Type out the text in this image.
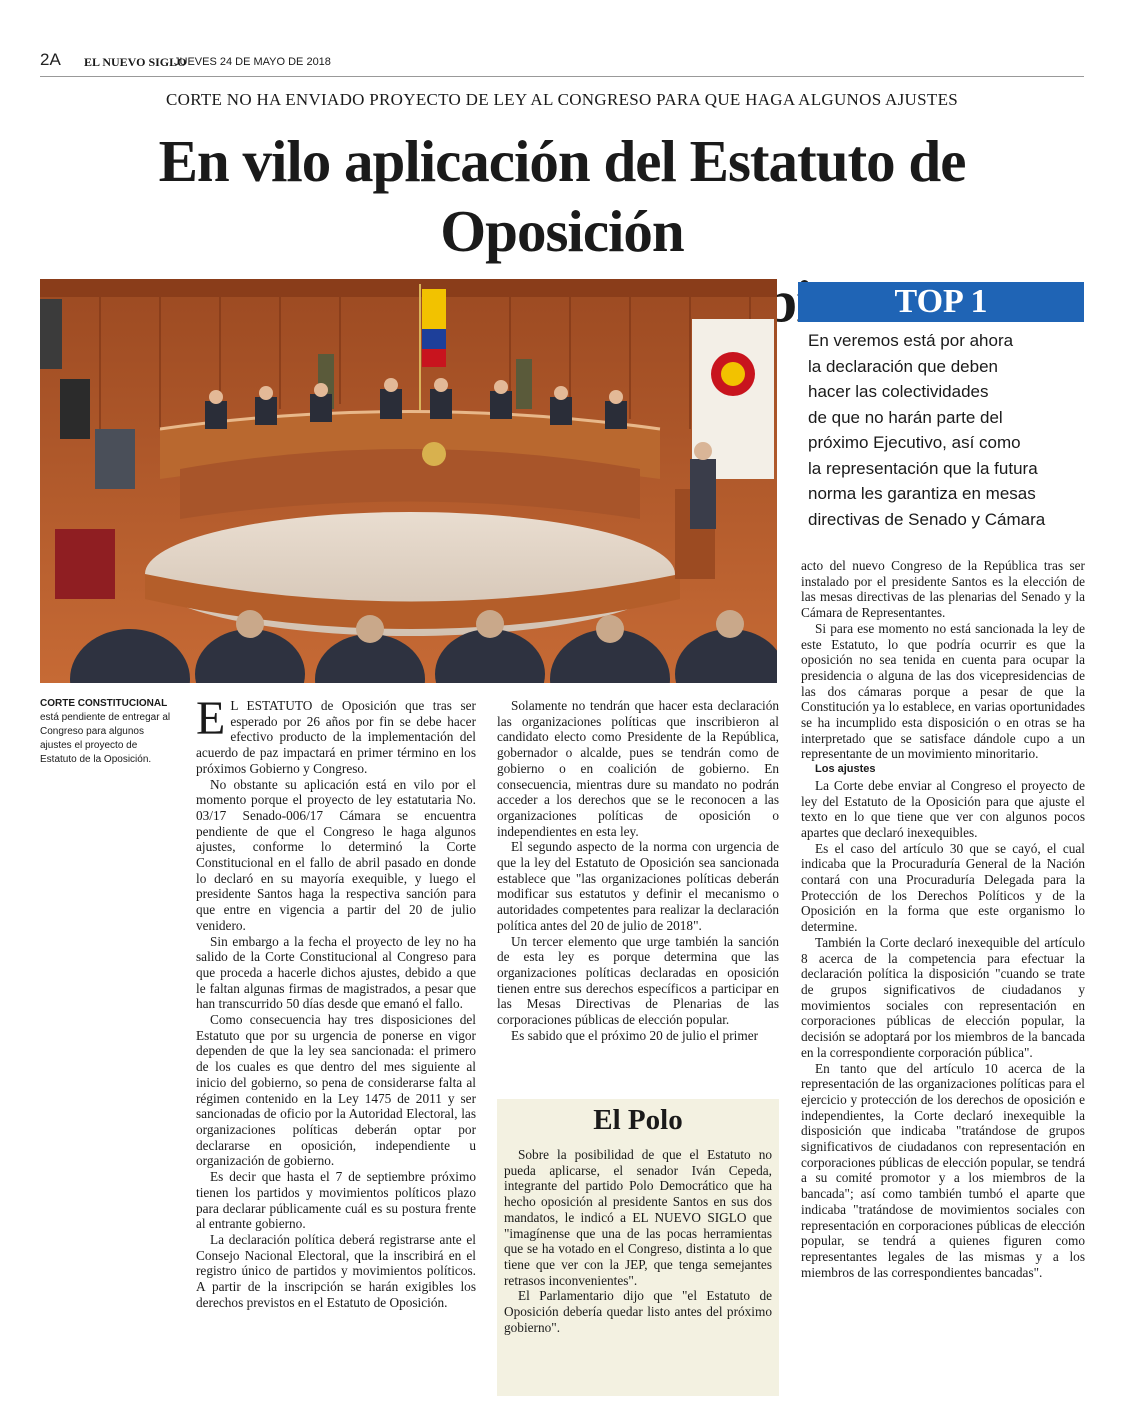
2A EL NUEVO SIGLO
JUEVES 24 DE MAYO DE 2018
CORTE NO HA ENVIADO PROYECTO DE LEY AL CONGRESO PARA QUE HAGA ALGUNOS AJUSTES
En vilo aplicación del Estatuto de Oposición
TOP 1
En veremos está por ahora
la declaración que deben
hacer las colectividades
de que no harán parte del
próximo Ejecutivo, así como
la representación que la futura
norma les garantiza en mesas
directivas de Senado y Cámara
CORTE CONSTITUCIONAL está pendiente de entregar al Congreso para algunos ajustes el proyecto de Estatuto de la Oposición.

E L ESTATUTO de Oposición que tras ser esperado por 26 años por fin se debe hacer efectivo producto de la implementación del acuerdo de paz impactará en primer término en los próximos Gobierno y Congreso.

No obstante su aplicación está en vilo por el momento porque el proyecto de ley estatutaria No. 03/17 Senado-006/17 Cámara se encuentra pendiente de que el Congreso le haga algunos ajustes, conforme lo determinó la Corte Constitucional en el fallo de abril pasado en donde lo declaró en su mayoría exequible, y luego el presidente Santos haga la respectiva sanción para que entre en vigencia a partir del 20 de julio venidero.

Sin embargo a la fecha el proyecto de ley no ha salido de la Corte Constitucional al Congreso para que proceda a hacerle dichos ajustes, debido a que le faltan algunas firmas de magistrados, a pesar que han transcurrido 50 días desde que emanó el fallo.

Como consecuencia hay tres disposiciones del Estatuto que por su urgencia de ponerse en vigor dependen de que la ley sea sancionada: el primero de los cuales es que dentro del mes siguiente al inicio del gobierno, so pena de considerarse falta al régimen contenido en la Ley 1475 de 2011 y ser sancionadas de oficio por la Autoridad Electoral, las organizaciones políticas deberán optar por declararse en oposición, independiente u organización de gobierno.

Es decir que hasta el 7 de septiembre próximo tienen los partidos y movimientos políticos plazo para declarar públicamente cuál es su postura frente al entrante gobierno.

La declaración política deberá registrarse ante el Consejo Nacional Electoral, que la inscribirá en el registro único de partidos y movimientos políticos. A partir de la inscripción se harán exigibles los derechos previstos en el Estatuto de Oposición.

Solamente no tendrán que hacer esta declaración las organizaciones políticas que inscribieron al candidato electo como Presidente de la República, gobernador o alcalde, pues se tendrán como de gobierno o en coalición de gobierno. En consecuencia, mientras dure su mandato no podrán acceder a los derechos que se le reconocen a las organizaciones políticas de oposición o independientes en esta ley.

El segundo aspecto de la norma con urgencia de que la ley del Estatuto de Oposición sea sancionada establece que "las organizaciones políticas deberán modificar sus estatutos y definir el mecanismo o autoridades competentes para realizar la declaración política antes del 20 de julio de 2018".

Un tercer elemento que urge también la sanción de esta ley es porque determina que las organizaciones políticas declaradas en oposición tienen entre sus derechos específicos a participar en las Mesas Directivas de Plenarias de las corporaciones públicas de elección popular.

Es sabido que el próximo 20 de julio el primer

El Polo

Sobre la posibilidad de que el Estatuto no pueda aplicarse, el senador Iván Cepeda, integrante del partido Polo Democrático que ha hecho oposición al presidente Santos en sus dos mandatos, le indicó a EL NUEVO SIGLO que "imagínense que una de las pocas herramientas que se ha votado en el Congreso, distinta a lo que tiene que ver con la JEP, que tenga semejantes retrasos inconvenientes".

El Parlamentario dijo que "el Estatuto de Oposición debería quedar listo antes del próximo gobierno".

acto del nuevo Congreso de la República tras ser instalado por el presidente Santos es la elección de las mesas directivas de las plenarias del Senado y la Cámara de Representantes.

Si para ese momento no está sancionada la ley de este Estatuto, lo que podría ocurrir es que la oposición no sea tenida en cuenta para ocupar la presidencia o alguna de las dos vicepresidencias de las dos cámaras porque a pesar de que la Constitución ya lo establece, en varias oportunidades se ha incumplido esta disposición o en otras se ha interpretado que se satisface dándole cupo a un representante de un movimiento minoritario.

Los ajustes

La Corte debe enviar al Congreso el proyecto de ley del Estatuto de la Oposición para que ajuste el texto en lo que tiene que ver con algunos pocos apartes que declaró inexequibles.

Es el caso del artículo 30 que se cayó, el cual indicaba que la Procuraduría General de la Nación contará con una Procuraduría Delegada para la Protección de los Derechos Políticos y de la Oposición en la forma que este organismo lo determine.

También la Corte declaró inexequible del artículo 8 acerca de la competencia para efectuar la declaración política la disposición "cuando se trate de grupos significativos de ciudadanos y movimientos sociales con representación en corporaciones públicas de elección popular, la decisión se adoptará por los miembros de la bancada en la correspondiente corporación pública".

En tanto que del artículo 10 acerca de la representación de las organizaciones políticas para el ejercicio y protección de los derechos de oposición e independientes, la Corte declaró inexequible la disposición que indicaba "tratándose de grupos significativos de ciudadanos con representación en corporaciones públicas de elección popular, se tendrá a su comité promotor y a los miembros de la bancada"; así como también tumbó el aparte que indicaba "tratándose de movimientos sociales con representación en corporaciones públicas de elección popular, se tendrá a quienes figuren como representantes legales de las mismas y a los miembros de las correspondientes bancadas".
